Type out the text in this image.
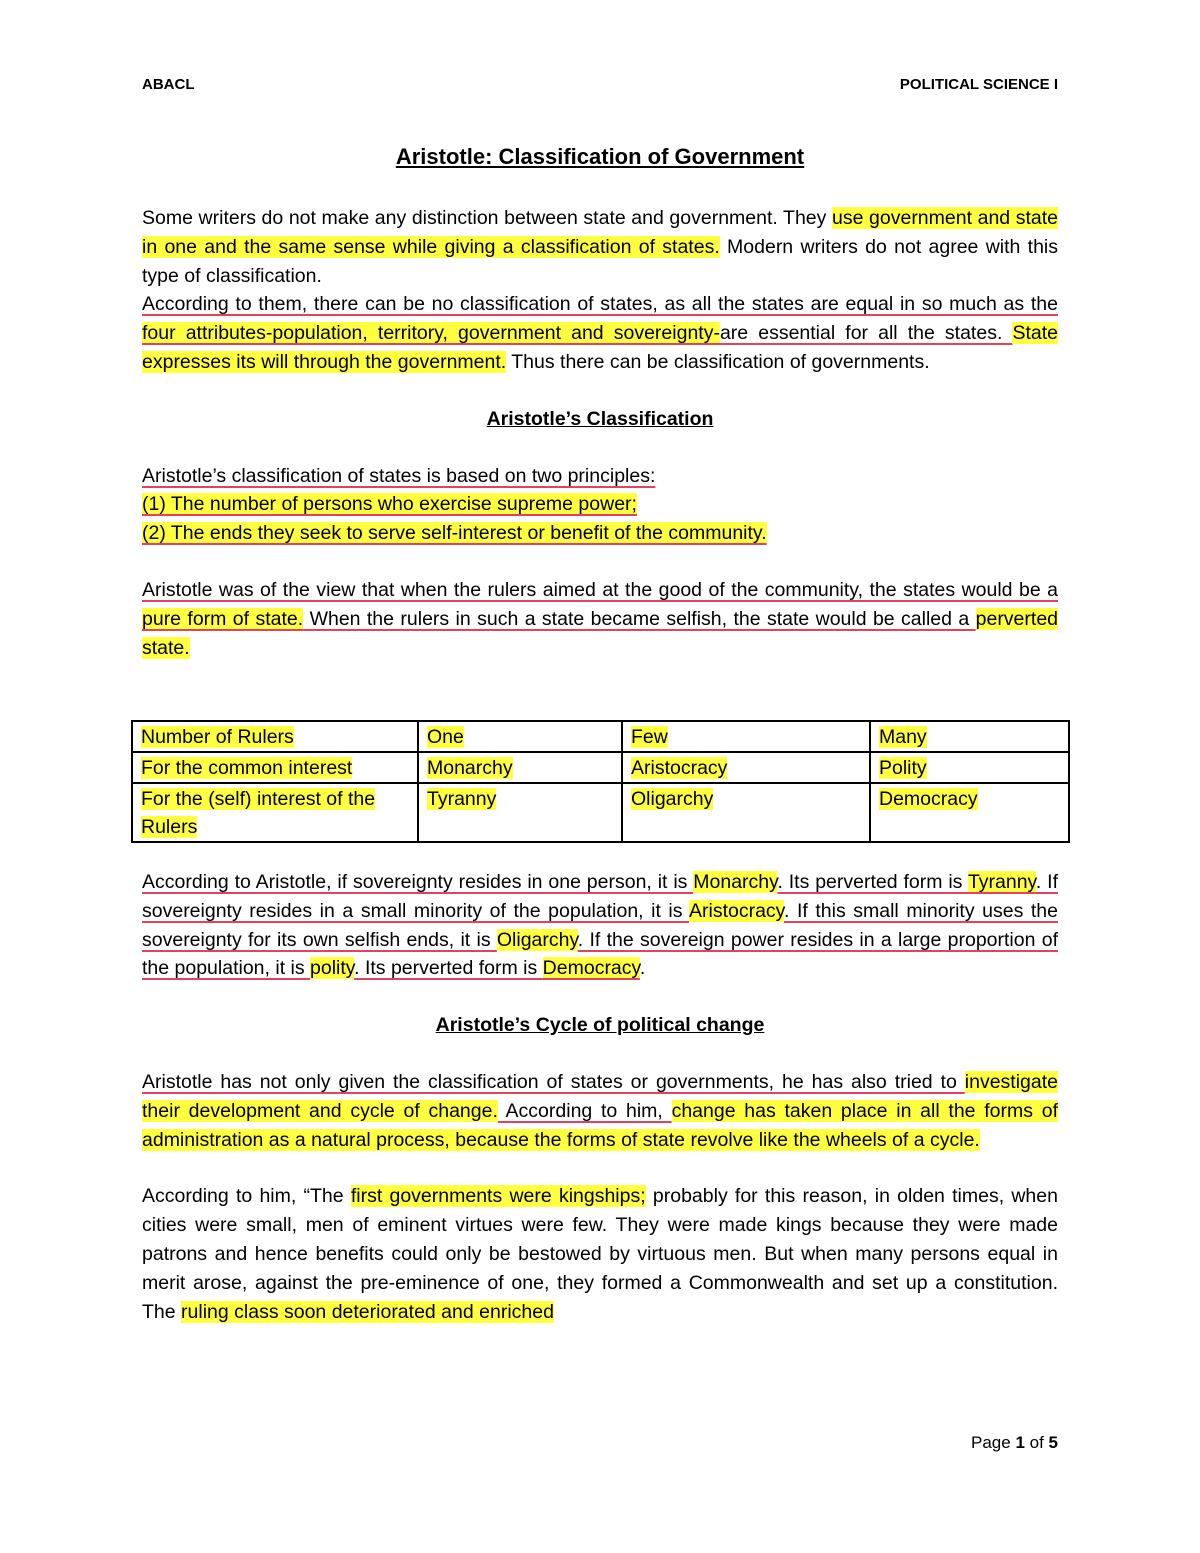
ABACL	POLITICAL SCIENCE I
Aristotle: Classification of Government

Some writers do not make any distinction between state and government. They use government and state in one and the same sense while giving a classification of states. Modern writers do not agree with this type of classification.

According to them, there can be no classification of states, as all the states are equal in so much as the four attributes-population, territory, government and sovereignty-are essential for all the states. State expresses its will through the government. Thus there can be classification of governments.

Aristotle’s Classification

Aristotle’s classification of states is based on two principles:

(1) The number of persons who exercise supreme power;

(2) The ends they seek to serve self-interest or benefit of the community.

Aristotle was of the view that when the rulers aimed at the good of the community, the states would be a pure form of state. When the rulers in such a state became selfish, the state would be called a perverted state.

Number of Rulers	One	Few	Many
For the common interest	Monarchy	Aristocracy	Polity
For the (self) interest of the Rulers	Tyranny	Oligarchy	Democracy

According to Aristotle, if sovereignty resides in one person, it is Monarchy. Its perverted form is Tyranny. If sovereignty resides in a small minority of the population, it is Aristocracy. If this small minority uses the sovereignty for its own selfish ends, it is Oligarchy. If the sovereign power resides in a large proportion of the population, it is polity. Its perverted form is Democracy.

Aristotle’s Cycle of political change

Aristotle has not only given the classification of states or governments, he has also tried to investigate their development and cycle of change. According to him, change has taken place in all the forms of administration as a natural process, because the forms of state revolve like the wheels of a cycle.

According to him, “The first governments were kingships; probably for this reason, in olden times, when cities were small, men of eminent virtues were few. They were made kings because they were made patrons and hence benefits could only be bestowed by virtuous men. But when many persons equal in merit arose, against the pre-eminence of one, they formed a Commonwealth and set up a constitution. The ruling class soon deteriorated and enriched

Page 1 of 5
